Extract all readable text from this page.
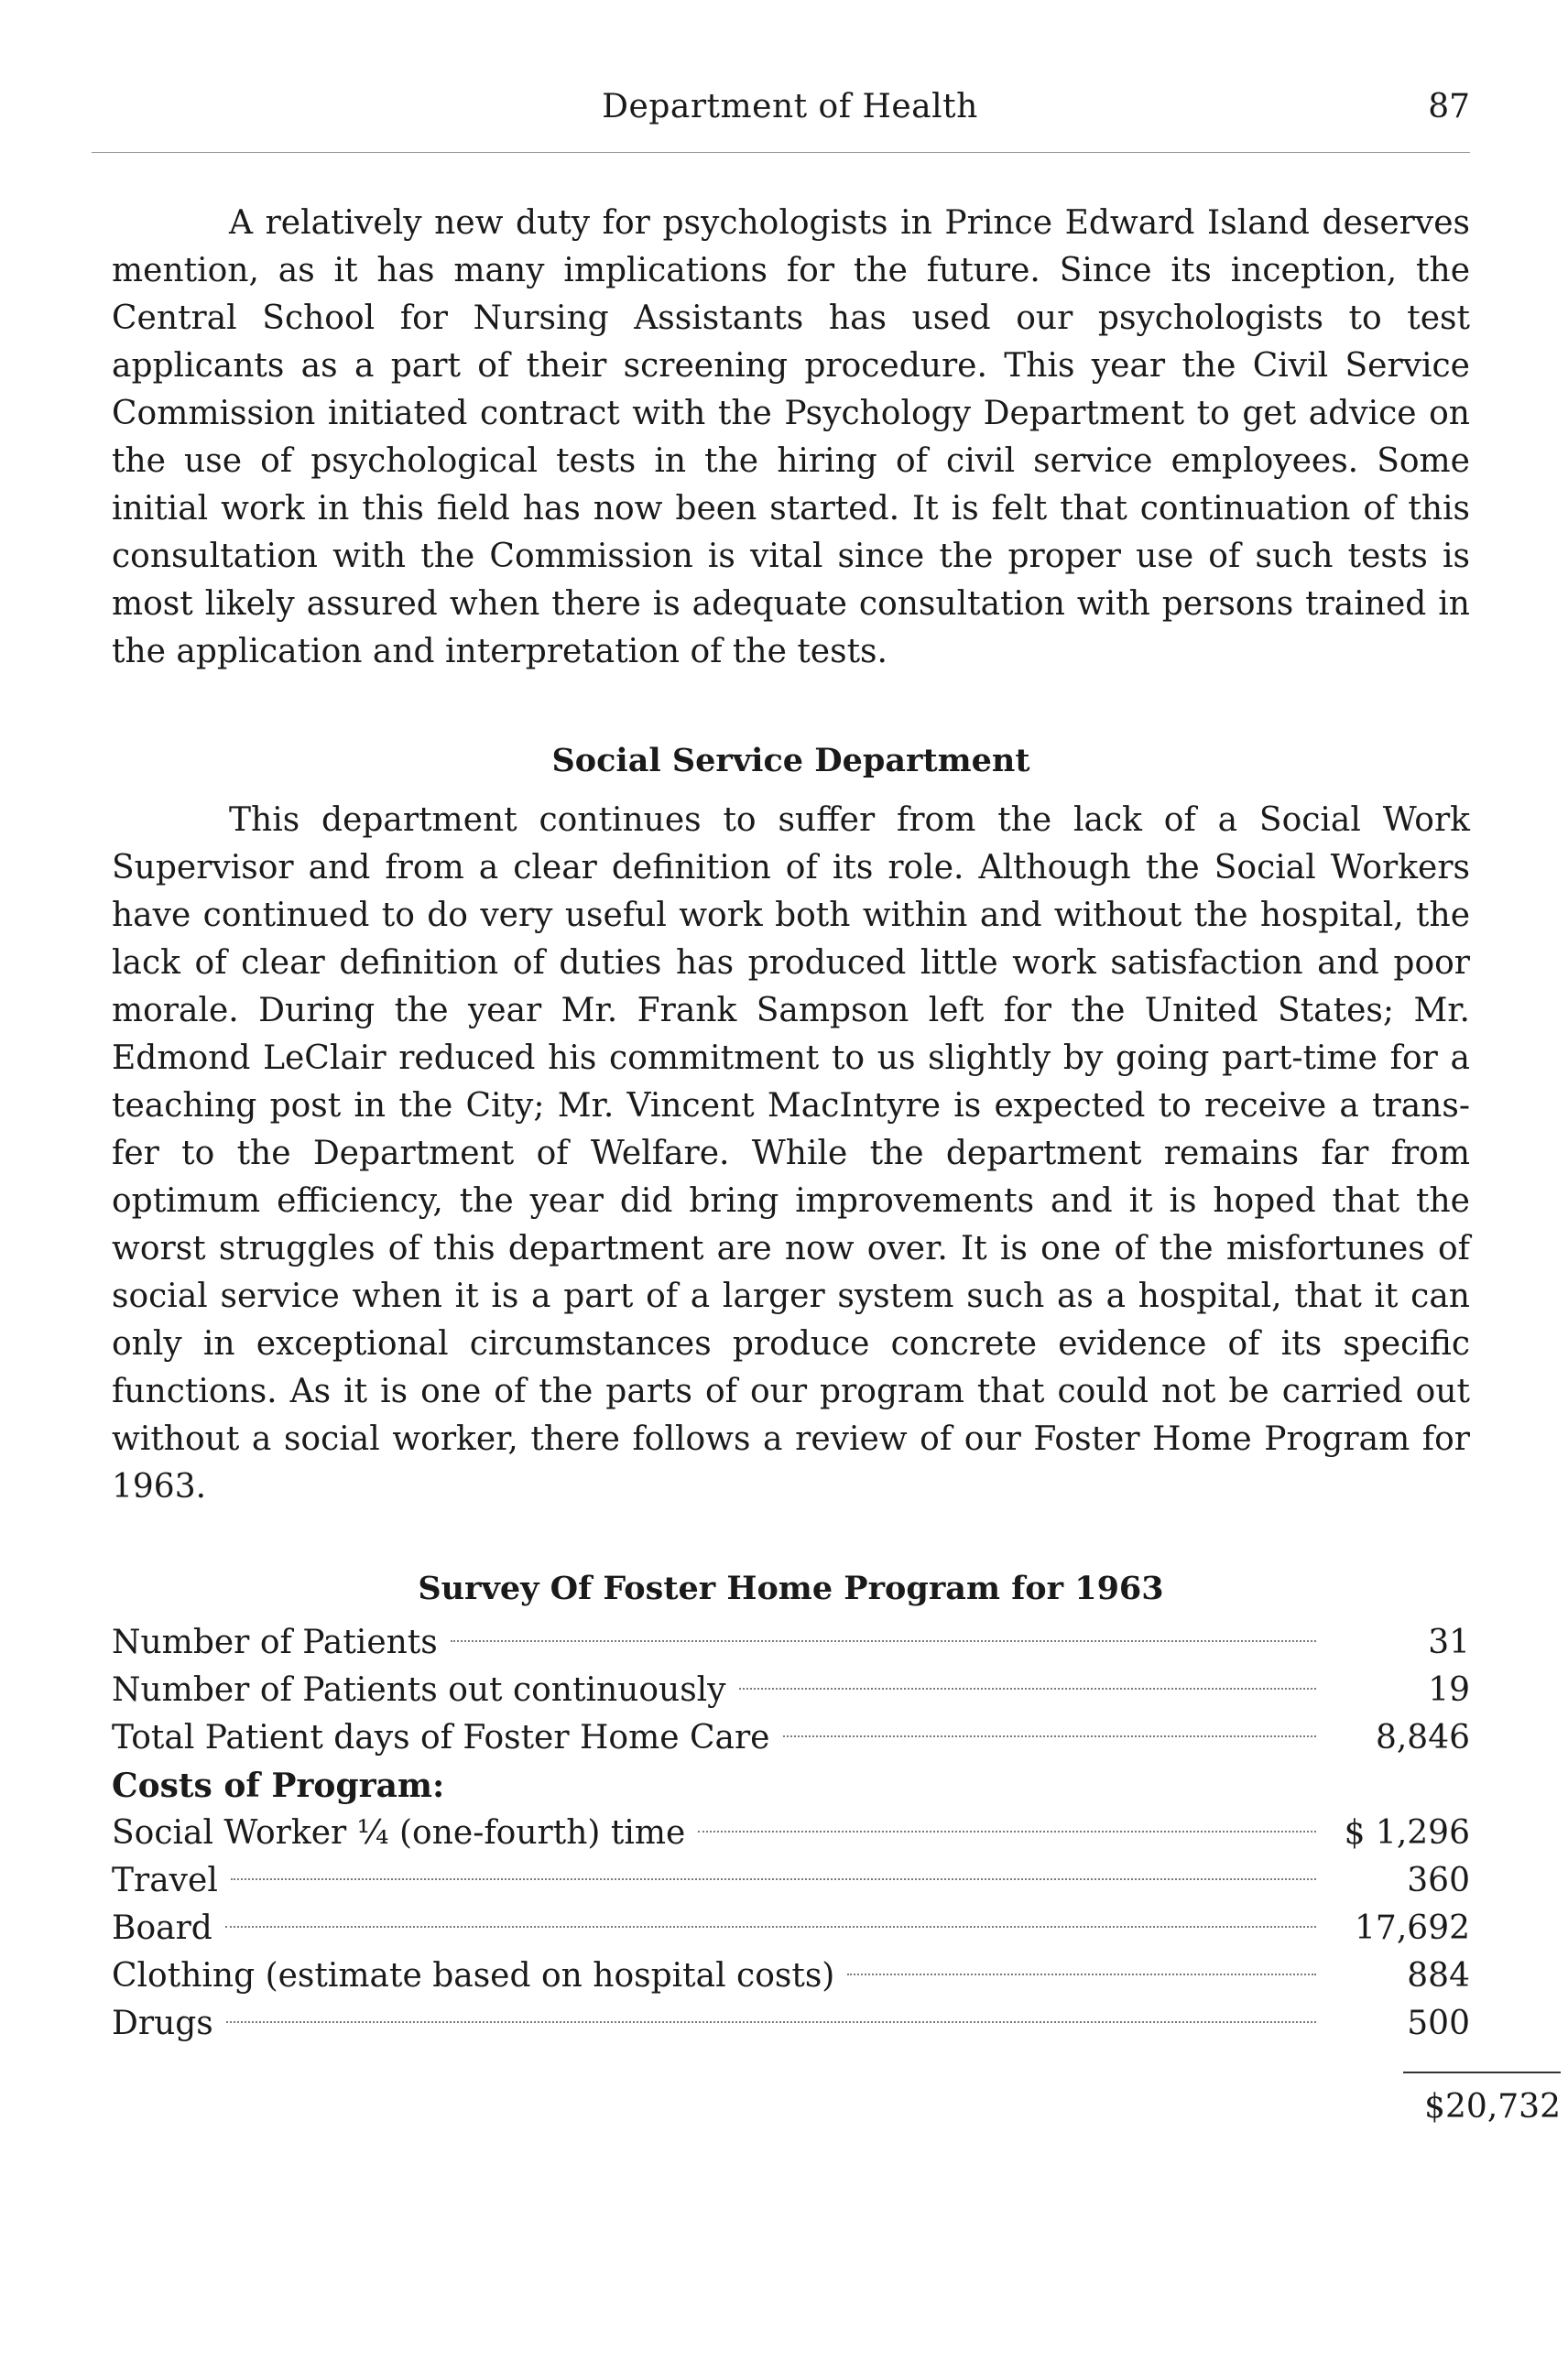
Department of Health	87

A relatively new duty for psychologists in Prince Edward Island deserves mention, as it has many implications for the future. Since its inception, the Central School for Nursing Assistants has used our psychologists to test applicants as a part of their screening procedure. This year the Civil Service Commission initiated contract with the Psychology Department to get advice on the use of psychological tests in the hiring of civil service employees. Some initial work in this field has now been started. It is felt that continuation of this consultation with the Commission is vital since the proper use of such tests is most likely assured when there is adequate consultation with persons trained in the application and interpretation of the tests.

Social Service Department

This department continues to suffer from the lack of a Social Work Supervisor and from a clear definition of its role. Although the Social Workers have continued to do very useful work both within and without the hospital, the lack of clear definition of duties has produced little work satisfaction and poor morale. During the year Mr. Frank Sampson left for the United States; Mr. Edmond LeClair reduced his commitment to us slightly by going part-time for a teaching post in the City; Mr. Vincent MacIntyre is expected to receive a transfer to the Department of Welfare. While the department remains far from optimum efficiency, the year did bring improvements and it is hoped that the worst struggles of this department are now over. It is one of the misfortunes of social service when it is a part of a larger system such as a hospital, that it can only in exceptional circumstances produce concrete evidence of its specific functions. As it is one of the parts of our program that could not be carried out without a social worker, there follows a review of our Foster Home Program for 1963.

Survey Of Foster Home Program for 1963
Number of Patients	31
Number of Patients out continuously	19
Total Patient days of Foster Home Care	8,846
Costs of Program:
Social Worker ¼ (one-fourth) time	$ 1,296
Travel	360
Board	17,692
Clothing (estimate based on hospital costs)	884
Drugs	500
$20,732
